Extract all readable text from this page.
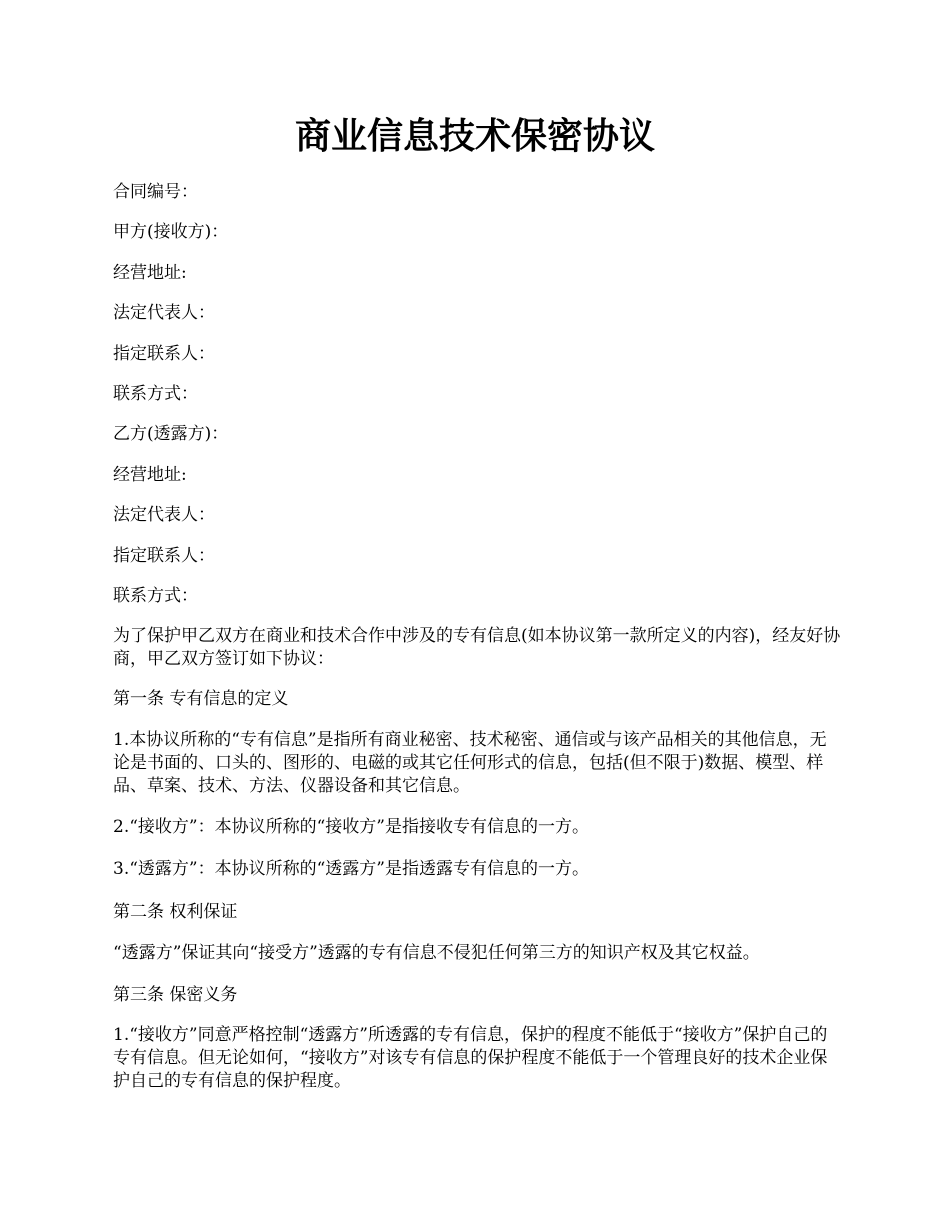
商业信息技术保密协议
合同编号：
甲方(接收方)：
经营地址:
法定代表人：
指定联系人：
联系方式：
乙方(透露方)：
经营地址:
法定代表人：
指定联系人：
联系方式：

为了保护甲乙双方在商业和技术合作中涉及的专有信息(如本协议第一款所定义的内容)，经友好协商，甲乙双方签订如下协议：

第一条 专有信息的定义

1.本协议所称的“专有信息”是指所有商业秘密、技术秘密、通信或与该产品相关的其他信息，无论是书面的、口头的、图形的、电磁的或其它任何形式的信息，包括(但不限于)数据、模型、样品、草案、技术、方法、仪器设备和其它信息。

2.“接收方”：本协议所称的“接收方”是指接收专有信息的一方。

3.“透露方”：本协议所称的“透露方”是指透露专有信息的一方。

第二条 权利保证

“透露方”保证其向“接受方”透露的专有信息不侵犯任何第三方的知识产权及其它权益。

第三条 保密义务

1.“接收方”同意严格控制“透露方”所透露的专有信息，保护的程度不能低于“接收方”保护自己的专有信息。但无论如何，“接收方”对该专有信息的保护程度不能低于一个管理良好的技术企业保护自己的专有信息的保护程度。
